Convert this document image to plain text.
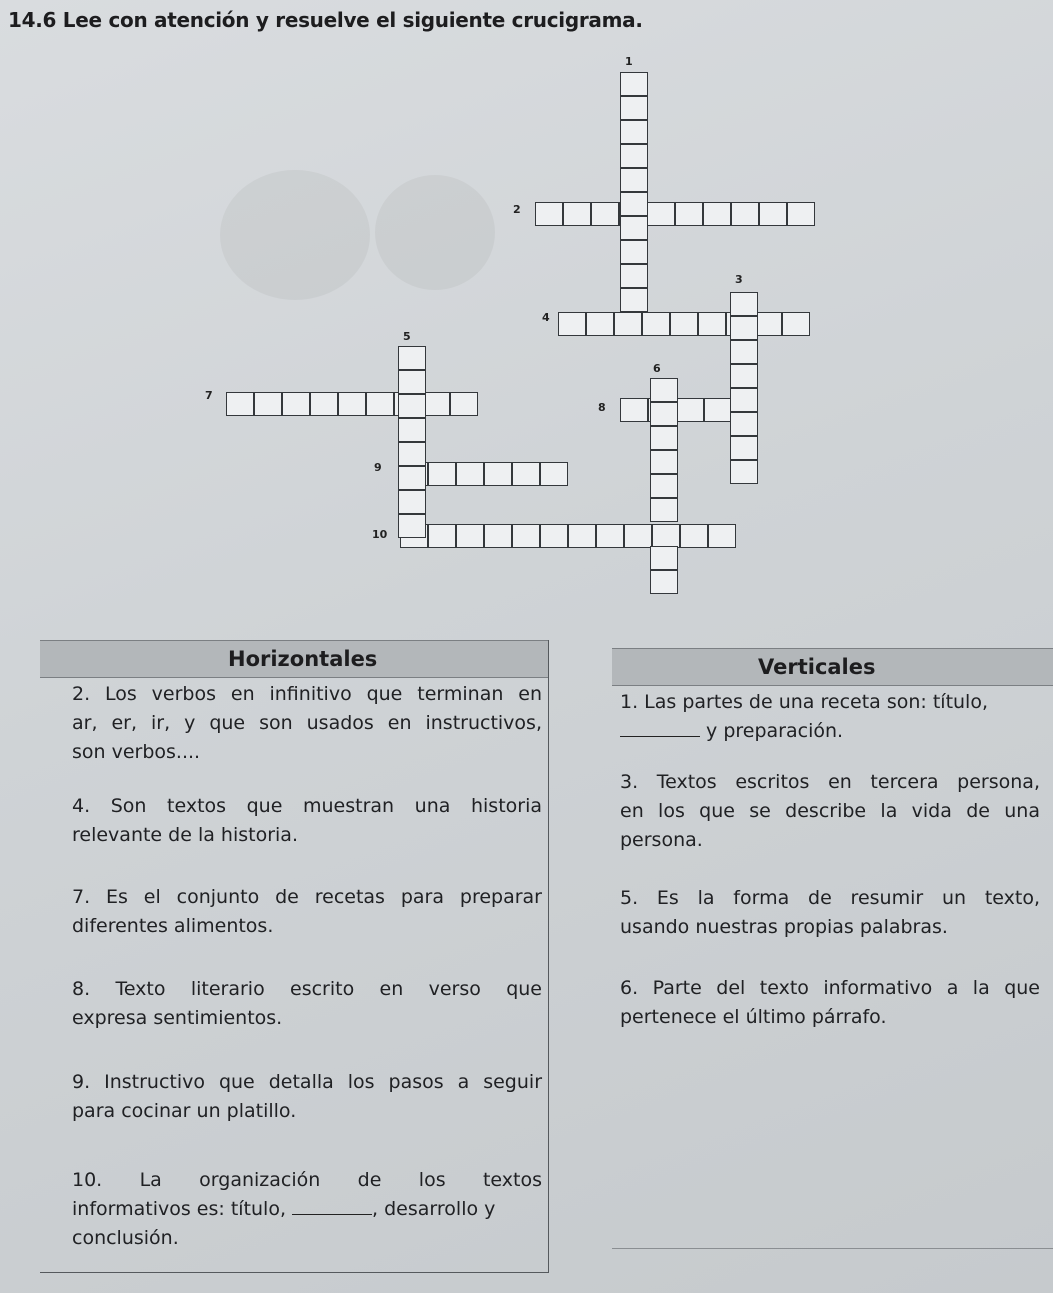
14.6 Lee con atención y resuelve el siguiente crucigrama.
1
2
3
4
5
6
7
8
9
10
Horizontales
2. Los verbos en infinitivo que terminan en
ar, er, ir, y que son usados en instructivos,
son verbos....
4. Son textos que muestran una historia
relevante de la historia.
7. Es el conjunto de recetas para preparar
diferentes alimentos.
8. Texto literario escrito en verso que
expresa sentimientos.
9. Instructivo que detalla los pasos a seguir
para cocinar un platillo.
10. La organización de los textos
informativos es: título,	, desarrollo y
conclusión.
Verticales
1. Las partes de una receta son: título,
y preparación.
3. Textos escritos en tercera persona,
en los que se describe la vida de una
persona.
5. Es la forma de resumir un texto,
usando nuestras propias palabras.
6. Parte del texto informativo a la que
pertenece el último párrafo.
